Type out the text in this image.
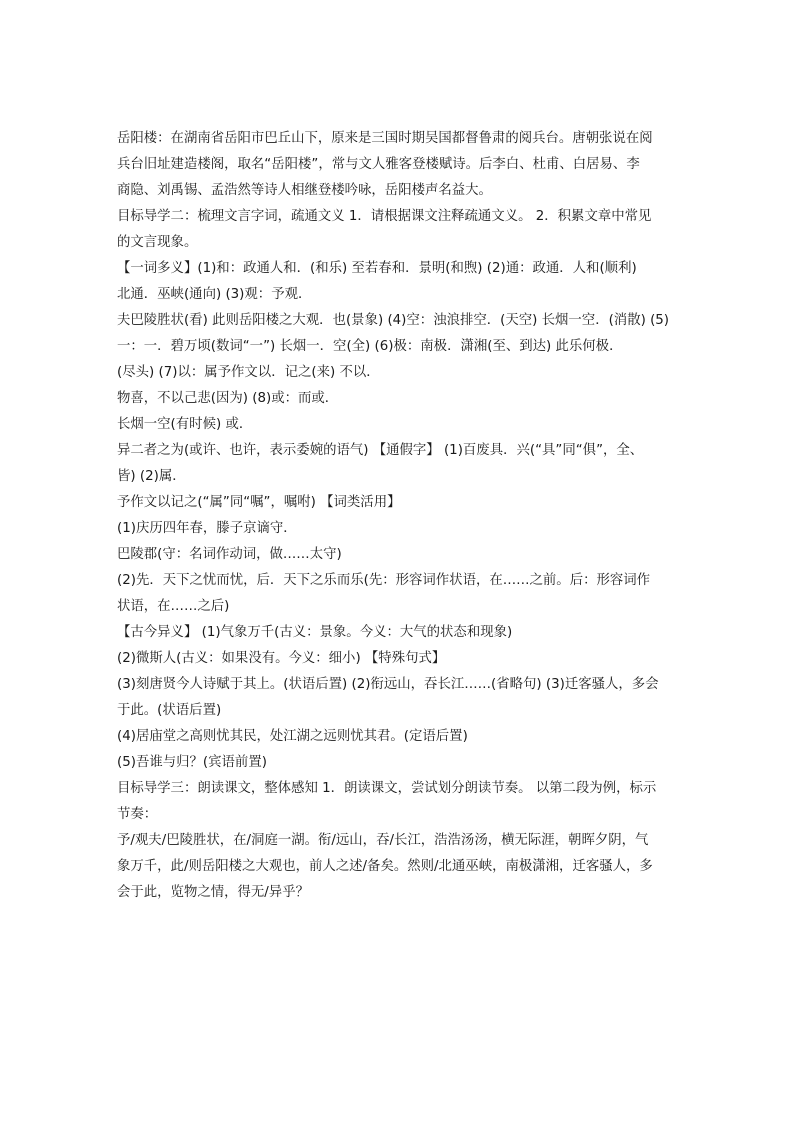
岳阳楼：在湖南省岳阳市巴丘山下，原来是三国时期吴国都督鲁肃的阅兵台。唐朝张说在阅
兵台旧址建造楼阁，取名“岳阳楼”，常与文人雅客登楼赋诗。后李白、杜甫、白居易、李
商隐、刘禹锡、孟浩然等诗人相继登楼吟咏，岳阳楼声名益大。
目标导学二：梳理文言字词，疏通文义 1．请根据课文注释疏通文义。 2．积累文章中常见
的文言现象。
【一词多义】(1)和：政通人和．(和乐) 至若春和．景明(和煦) (2)通：政通．人和(顺利)
北通．巫峡(通向) (3)观：予观．
夫巴陵胜状(看) 此则岳阳楼之大观．也(景象) (4)空：浊浪排空．(天空) 长烟一空．(消散) (5)
一：一．碧万顷(数词“一”) 长烟一．空(全) (6)极：南极．潇湘(至、到达) 此乐何极．
(尽头) (7)以：属予作文以．记之(来) 不以．
物喜，不以己悲(因为) (8)或：而或．
长烟一空(有时候) 或．
异二者之为(或许、也许，表示委婉的语气) 【通假字】 (1)百废具．兴(“具”同“俱”，全、
皆) (2)属．
予作文以记之(“属”同“嘱”，嘱咐) 【词类活用】
(1)庆历四年春，滕子京谪守．
巴陵郡(守：名词作动词，做……太守)
(2)先．天下之忧而忧，后．天下之乐而乐(先：形容词作状语，在……之前。后：形容词作
状语，在……之后)
【古今异义】 (1)气象万千(古义：景象。今义：大气的状态和现象)
(2)微斯人(古义：如果没有。今义：细小) 【特殊句式】
(3)刻唐贤今人诗赋于其上。(状语后置) (2)衔远山，吞长江……(省略句) (3)迁客骚人，多会
于此。(状语后置)
(4)居庙堂之高则忧其民，处江湖之远则忧其君。(定语后置)
(5)吾谁与归？(宾语前置)
目标导学三：朗读课文，整体感知 1．朗读课文，尝试划分朗读节奏。 以第二段为例，标示
节奏：
予/观夫/巴陵胜状，在/洞庭一湖。衔/远山，吞/长江，浩浩汤汤，横无际涯，朝晖夕阴，气
象万千，此/则岳阳楼之大观也，前人之述/备矣。然则/北通巫峡，南极潇湘，迁客骚人，多
会于此，览物之情，得无/异乎？
